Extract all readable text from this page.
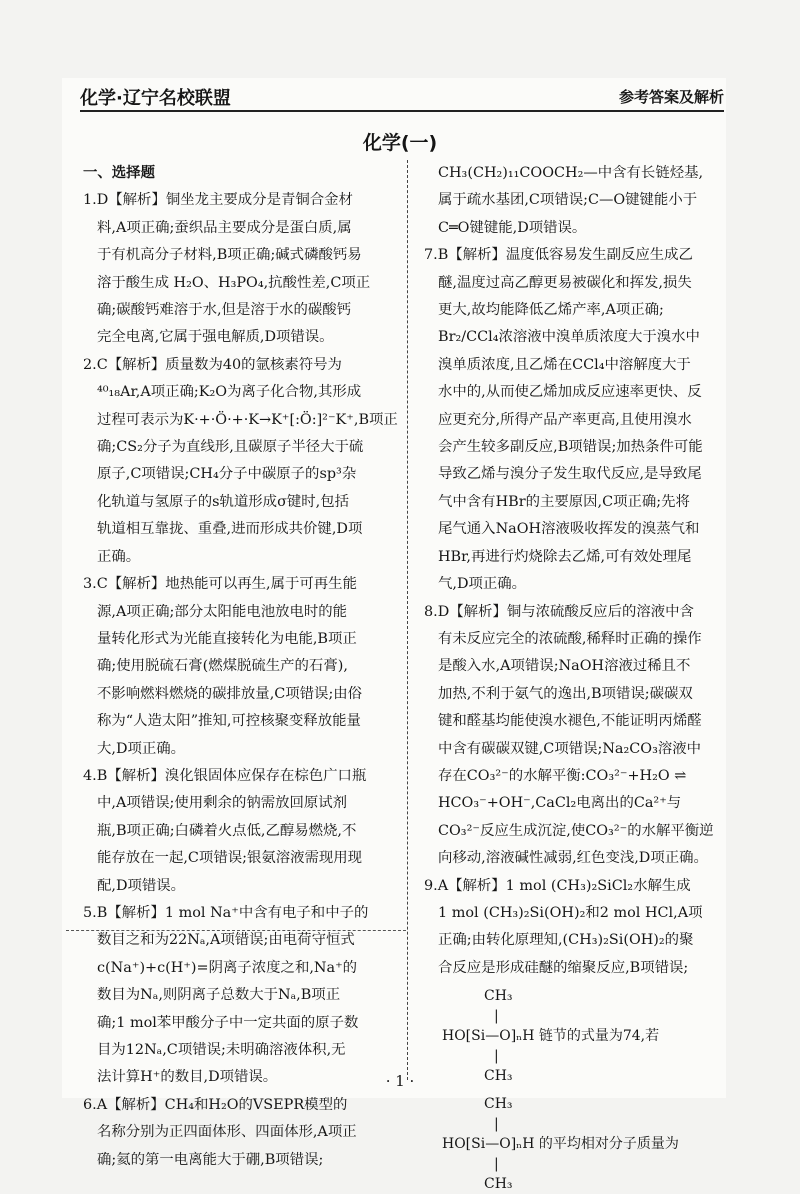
化学·辽宁名校联盟	参考答案及解析
化学(一)

一、选择题

1.D【解析】铜坐龙主要成分是青铜合金材

料,A项正确;蚕织品主要成分是蛋白质,属

于有机高分子材料,B项正确;碱式磷酸钙易

溶于酸生成 H₂O、H₃PO₄,抗酸性差,C项正

确;碳酸钙难溶于水,但是溶于水的碳酸钙

完全电离,它属于强电解质,D项错误。

2.C【解析】质量数为40的氩核素符号为

⁴⁰₁₈Ar,A项正确;K₂O为离子化合物,其形成

过程可表示为K·+·Ö·+·K→K⁺[:Ö:]²⁻K⁺,B项正

确;CS₂分子为直线形,且碳原子半径大于硫

原子,C项错误;CH₄分子中碳原子的sp³杂

化轨道与氢原子的s轨道形成σ键时,包括

轨道相互靠拢、重叠,进而形成共价键,D项

正确。

3.C【解析】地热能可以再生,属于可再生能

源,A项正确;部分太阳能电池放电时的能

量转化形式为光能直接转化为电能,B项正

确;使用脱硫石膏(燃煤脱硫生产的石膏),

不影响燃料燃烧的碳排放量,C项错误;由俗

称为“人造太阳”推知,可控核聚变释放能量

大,D项正确。

4.B【解析】溴化银固体应保存在棕色广口瓶

中,A项错误;使用剩余的钠需放回原试剂

瓶,B项正确;白磷着火点低,乙醇易燃烧,不

能存放在一起,C项错误;银氨溶液需现用现

配,D项错误。

5.B【解析】1 mol Na⁺中含有电子和中子的

数目之和为22Nₐ,A项错误;由电荷守恒式

c(Na⁺)+c(H⁺)=阴离子浓度之和,Na⁺的

数目为Nₐ,则阴离子总数大于Nₐ,B项正

确;1 mol苯甲酸分子中一定共面的原子数

目为12Nₐ,C项错误;未明确溶液体积,无

法计算H⁺的数目,D项错误。

6.A【解析】CH₄和H₂O的VSEPR模型的

名称分别为正四面体形、四面体形,A项正

确;氦的第一电离能大于硼,B项错误;

CH₃(CH₂)₁₁COOCH₂—中含有长链烃基,

属于疏水基团,C项错误;C—O键键能小于

C═O键键能,D项错误。

7.B【解析】温度低容易发生副反应生成乙

醚,温度过高乙醇更易被碳化和挥发,损失

更大,故均能降低乙烯产率,A项正确;

Br₂/CCl₄浓溶液中溴单质浓度大于溴水中

溴单质浓度,且乙烯在CCl₄中溶解度大于

水中的,从而使乙烯加成反应速率更快、反

应更充分,所得产品产率更高,且使用溴水

会产生较多副反应,B项错误;加热条件可能

导致乙烯与溴分子发生取代反应,是导致尾

气中含有HBr的主要原因,C项正确;先将

尾气通入NaOH溶液吸收挥发的溴蒸气和

HBr,再进行灼烧除去乙烯,可有效处理尾

气,D项正确。

8.D【解析】铜与浓硫酸反应后的溶液中含

有未反应完全的浓硫酸,稀释时正确的操作

是酸入水,A项错误;NaOH溶液过稀且不

加热,不利于氨气的逸出,B项错误;碳碳双

键和醛基均能使溴水褪色,不能证明丙烯醛

中含有碳碳双键,C项错误;Na₂CO₃溶液中

存在CO₃²⁻的水解平衡:CO₃²⁻+H₂O ⇌

HCO₃⁻+OH⁻,CaCl₂电离出的Ca²⁺与

CO₃²⁻反应生成沉淀,使CO₃²⁻的水解平衡逆

向移动,溶液碱性减弱,红色变浅,D项正确。

9.A【解析】1 mol (CH₃)₂SiCl₂水解生成

1 mol (CH₃)₂Si(OH)₂和2 mol HCl,A项

正确;由转化原理知,(CH₃)₂Si(OH)₂的聚

合反应是形成硅醚的缩聚反应,B项错误;

CH₃
|
HO[Si—O]ₙH 链节的式量为74,若
|
CH₃
CH₃
|
HO[Si—O]ₙH 的平均相对分子质量为
|
CH₃
· 1 ·
